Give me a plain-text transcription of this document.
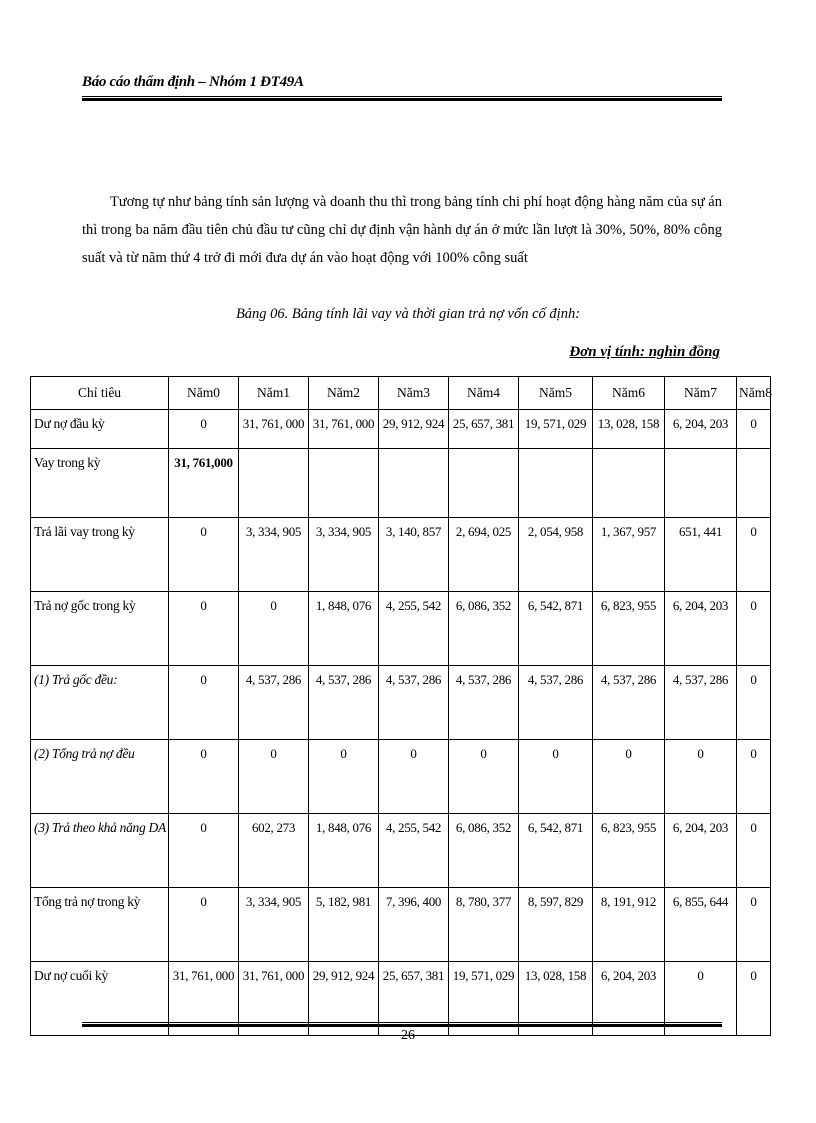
Báo cáo thẩm định – Nhóm 1 ĐT49A
Tương tự như bảng tính sản lượng và doanh thu thì trong bảng tính chi phí hoạt động hàng năm của sự án thì trong ba năm đầu tiên chủ đầu tư cũng chỉ dự định vận hành dự án ở mức lần lượt là 30%, 50%, 80% công suất và từ năm thứ 4 trở đi mới đưa dự án vào hoạt động với 100% công suất
Bảng 06. Bảng tính lãi vay và thời gian trả nợ vốn cố định:
Đơn vị tính: nghìn đồng
Chỉ tiêu	Năm0	Năm1	Năm2	Năm3	Năm4	Năm5	Năm6	Năm7	Năm8
Dư nợ đầu kỳ	0	31, 761, 000	31, 761, 000	29, 912, 924	25, 657, 381	19, 571, 029	13, 028, 158	6, 204, 203	0
Vay trong kỳ	31, 761,000								
Trả lãi vay trong kỳ	0	3, 334, 905	3, 334, 905	3, 140, 857	2, 694, 025	2, 054, 958	1, 367, 957	651, 441	0
Trả nợ gốc trong kỳ	0	0	1, 848, 076	4, 255, 542	6, 086, 352	6, 542, 871	6, 823, 955	6, 204, 203	0
(1) Trả gốc đều:	0	4, 537, 286	4, 537, 286	4, 537, 286	4, 537, 286	4, 537, 286	4, 537, 286	4, 537, 286	0
(2) Tổng trả nợ đều	0	0	0	0	0	0	0	0	0
(3) Trả theo khả năng DA	0	602, 273	1, 848, 076	4, 255, 542	6, 086, 352	6, 542, 871	6, 823, 955	6, 204, 203	0
Tổng trả nợ trong kỳ	0	3, 334, 905	5, 182, 981	7, 396, 400	8, 780, 377	8, 597, 829	8, 191, 912	6, 855, 644	0
Dư nợ cuối kỳ	31, 761, 000	31, 761, 000	29, 912, 924	25, 657, 381	19, 571, 029	13, 028, 158	6, 204, 203	0	0
26
